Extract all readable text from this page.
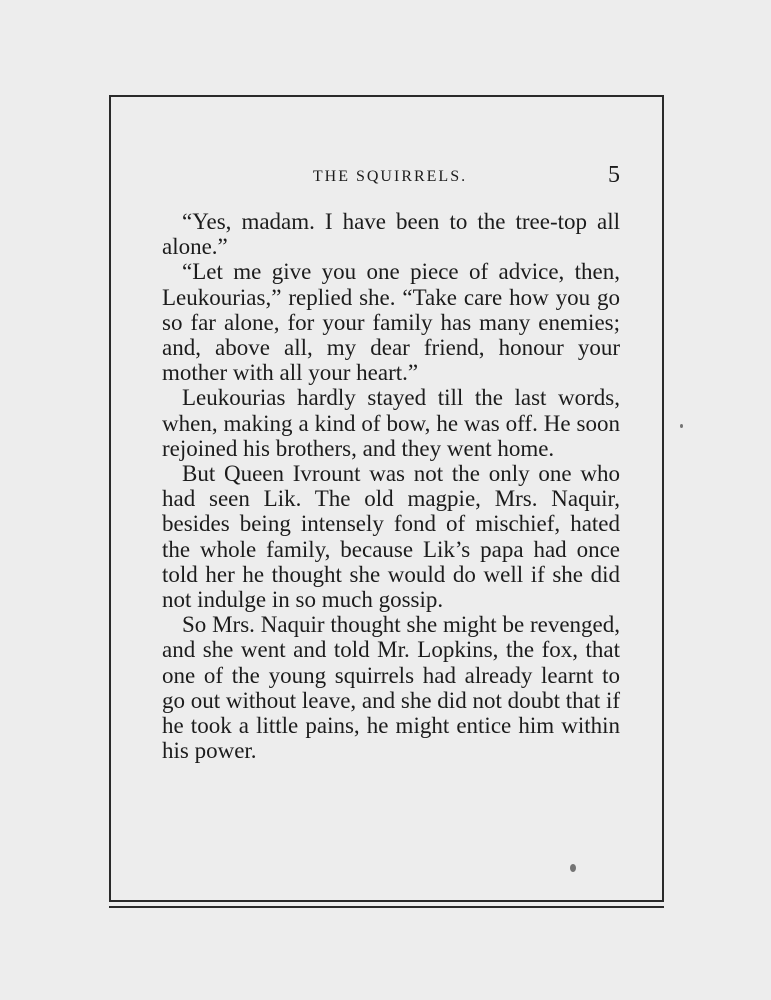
THE SQUIRRELS.	5

“Yes, madam. I have been to the tree-top all alone.”

“Let me give you one piece of advice, then, Leukourias,” replied she. “Take care how you go so far alone, for your family has many enemies; and, above all, my dear friend, honour your mother with all your heart.”

Leukourias hardly stayed till the last words, when, making a kind of bow, he was off. He soon rejoined his brothers, and they went home.

But Queen Ivrount was not the only one who had seen Lik. The old magpie, Mrs. Naquir, besides being intensely fond of mischief, hated the whole family, because Lik’s papa had once told her he thought she would do well if she did not indulge in so much gossip.

So Mrs. Naquir thought she might be revenged, and she went and told Mr. Lopkins, the fox, that one of the young squirrels had already learnt to go out without leave, and she did not doubt that if he took a little pains, he might entice him within his power.
